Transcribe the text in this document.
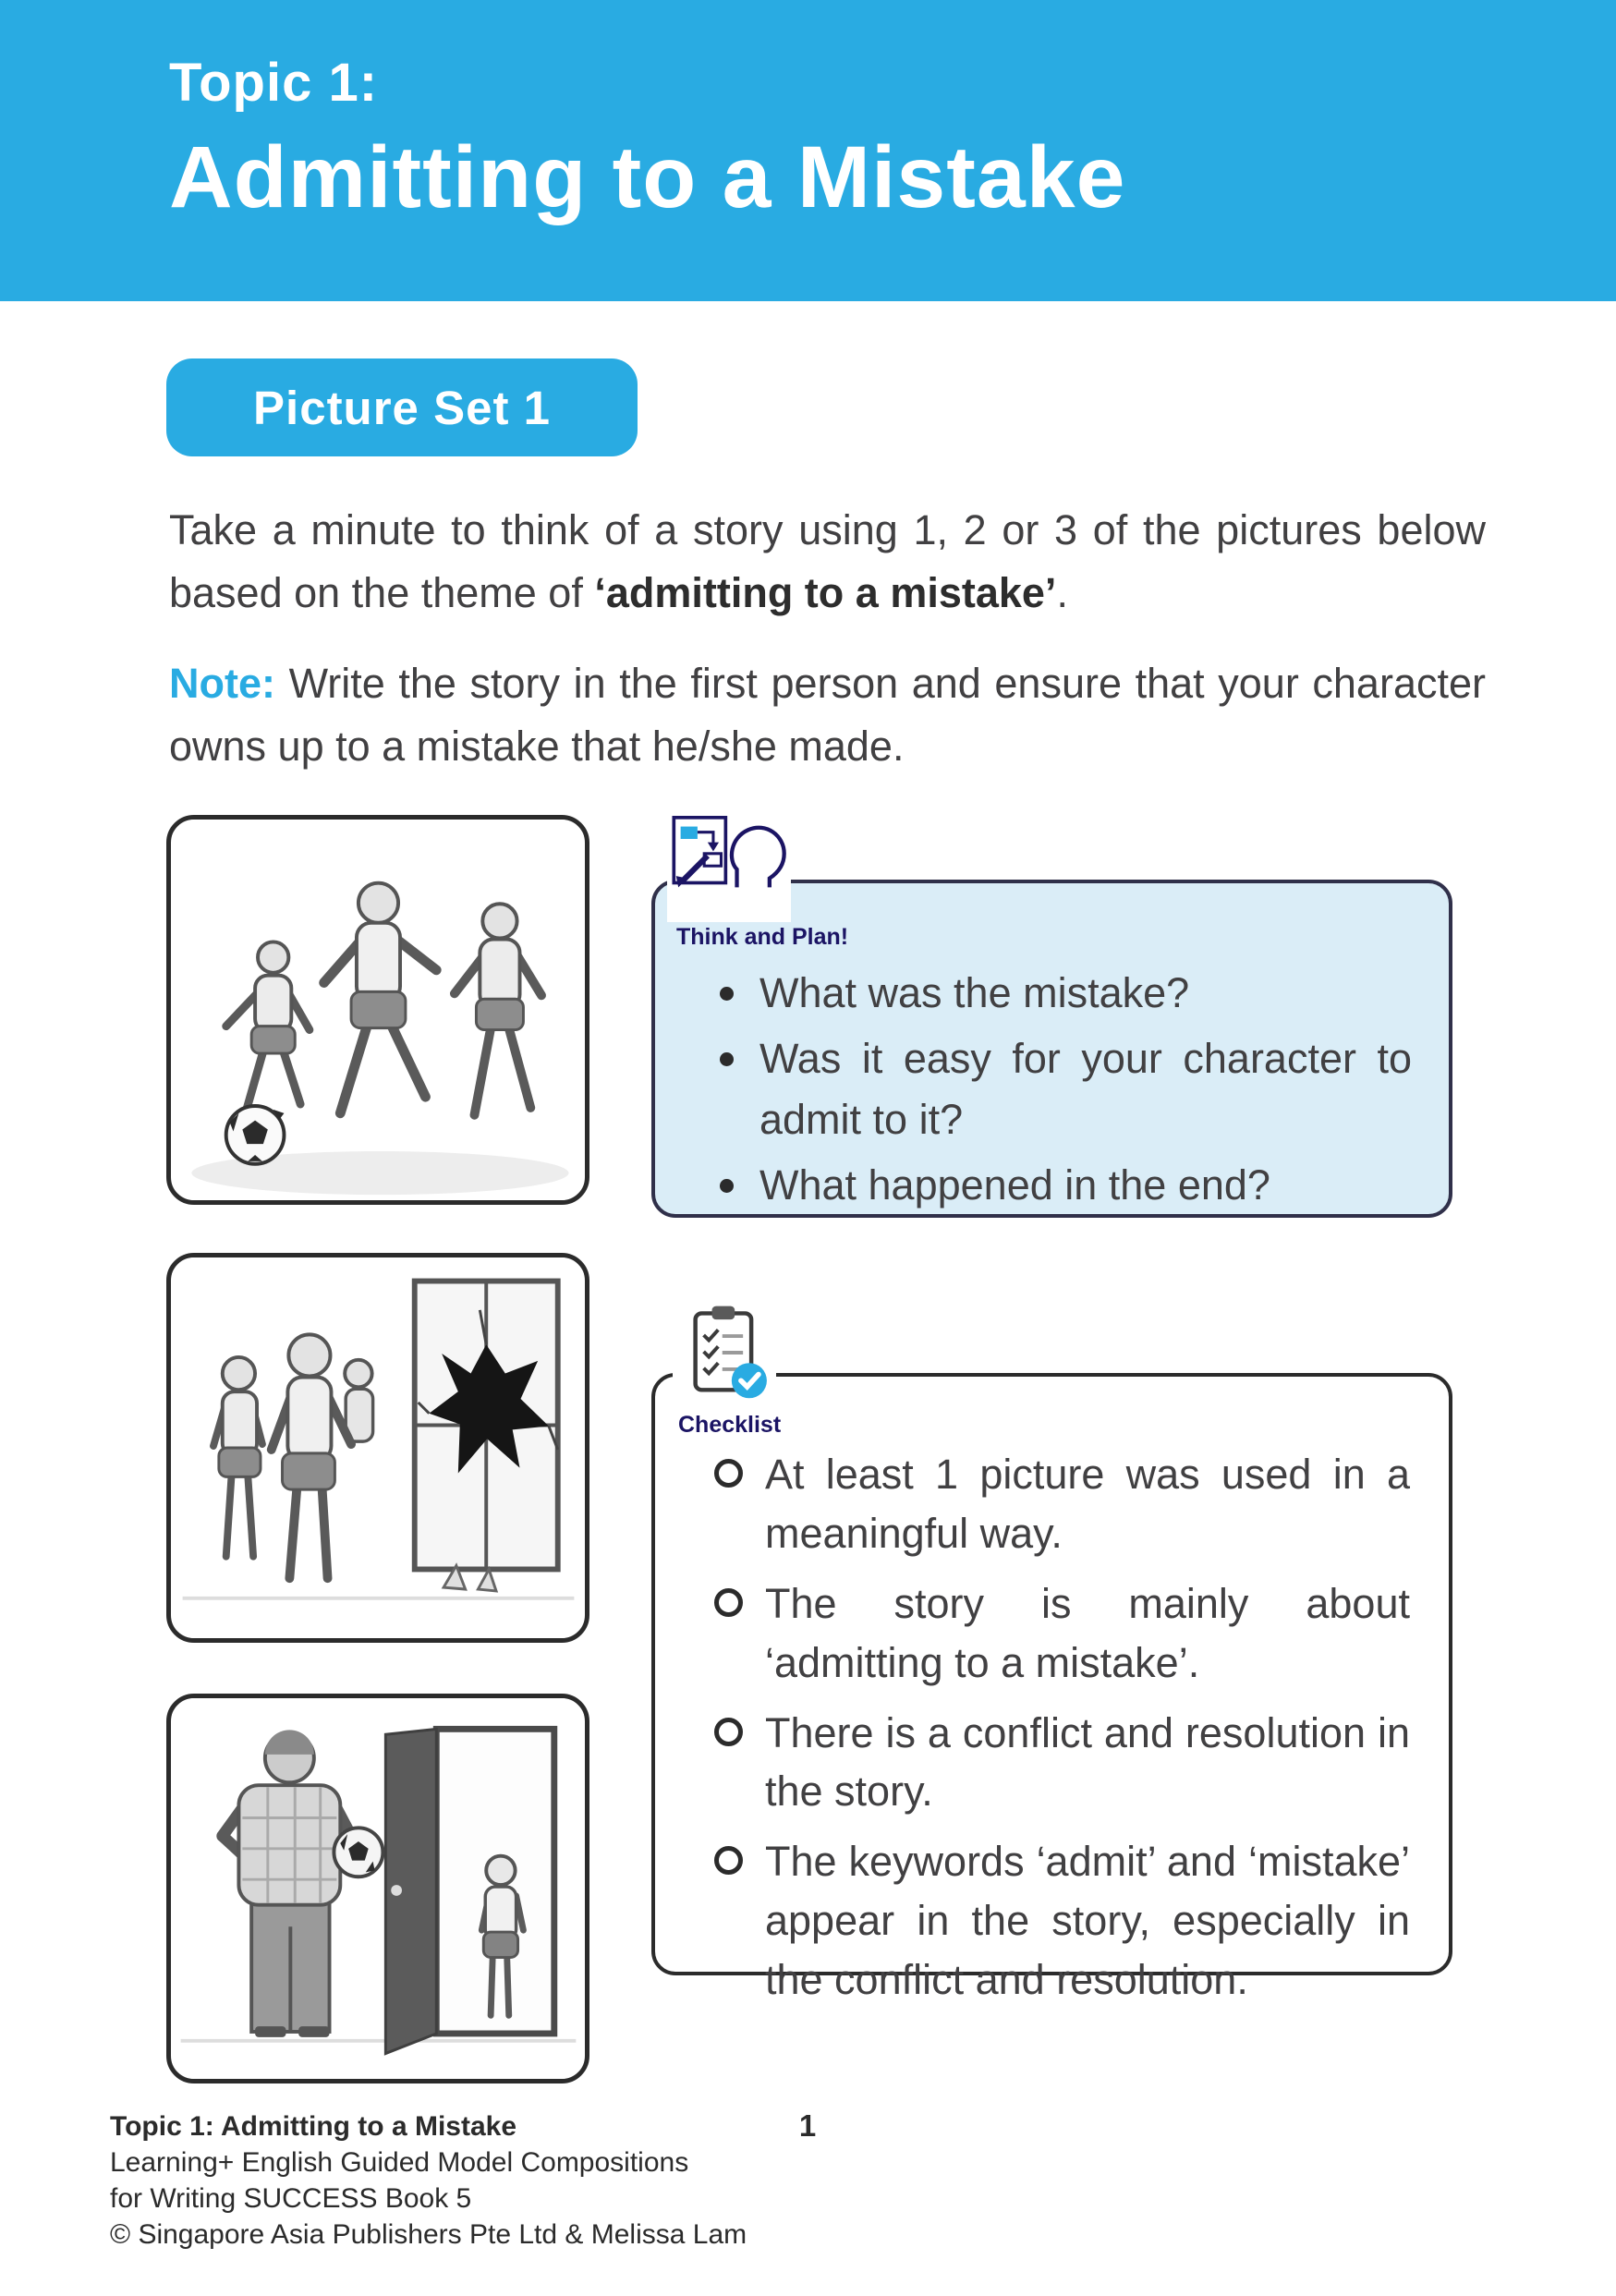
Topic 1:
Admitting to a Mistake
Picture Set 1

Take a minute to think of a story using 1, 2 or 3 of the pictures below based on the theme of ‘admitting to a mistake’.

Note: Write the story in the first person and ensure that your character owns up to a mistake that he/she made.

What was the mistake?
Was it easy for your character to admit to it?
What happened in the end?
Think and Plan!
At least 1 picture was used in a meaningful way.
The story is mainly about ‘admitting to a mistake’.
There is a conflict and resolution in the story.
The keywords ‘admit’ and ‘mistake’ appear in the story, especially in the conflict and resolution.
Checklist
Topic 1: Admitting to a Mistake
Learning+ English Guided Model Compositions
for Writing SUCCESS Book 5
© Singapore Asia Publishers Pte Ltd & Melissa Lam
1
